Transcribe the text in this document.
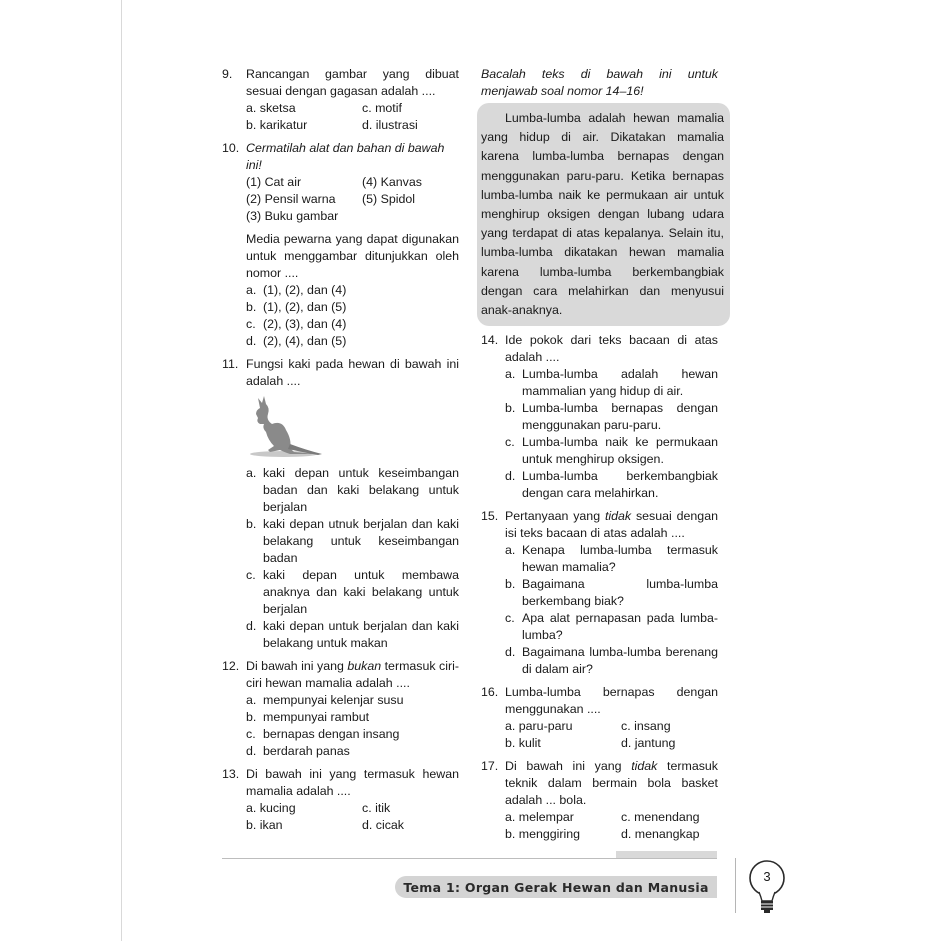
9. Rancangan gambar yang dibuat sesuai dengan gagasan adalah ....
a. sketsa	c. motif
b. karikatur	d. ilustrasi
10. Cermatilah alat dan bahan di bawah ini!
(1) Cat air	(4) Kanvas
(2) Pensil warna	(5) Spidol
(3) Buku gambar
Media pewarna yang dapat digunakan untuk menggambar ditunjukkan oleh nomor ....
a. (1), (2), dan (4)
b. (1), (2), dan (5)
c. (2), (3), dan (4)
d. (2), (4), dan (5)
11. Fungsi kaki pada hewan di bawah ini adalah ....
a. kaki depan untuk keseimbangan badan dan kaki belakang untuk berjalan
b. kaki depan utnuk berjalan dan kaki belakang untuk keseimbangan badan
c. kaki depan untuk membawa anaknya dan kaki belakang untuk berjalan
d. kaki depan untuk berjalan dan kaki belakang untuk makan
12. Di bawah ini yang bukan termasuk ciri-ciri hewan mamalia adalah ....
a. mempunyai kelenjar susu
b. mempunyai rambut
c. bernapas dengan insang
d. berdarah panas
13. Di bawah ini yang termasuk hewan mamalia adalah ....
a. kucing	c. itik
b. ikan	d. cicak
Bacalah teks di bawah ini untuk
menjawab soal nomor 14–16!

Lumba-lumba adalah hewan mamalia yang hidup di air. Dikatakan mamalia karena lumba-lumba bernapas dengan menggunakan paru-paru. Ketika bernapas lumba-lumba naik ke permukaan air untuk menghirup oksigen dengan lubang udara yang terdapat di atas kepalanya. Selain itu, lumba-lumba dikatakan hewan mamalia karena lumba-lumba berkembangbiak dengan cara melahirkan dan menyusui anak-anaknya.

14. Ide pokok dari teks bacaan di atas adalah ....
a. Lumba-lumba adalah hewan mammalian yang hidup di air.
b. Lumba-lumba bernapas dengan menggunakan paru-paru.
c. Lumba-lumba naik ke permukaan untuk menghirup oksigen.
d. Lumba-lumba berkembangbiak dengan cara melahirkan.
15. Pertanyaan yang tidak sesuai dengan isi teks bacaan di atas adalah ....
a. Kenapa lumba-lumba termasuk hewan mamalia?
b. Bagaimana lumba-lumba berkembang biak?
c. Apa alat pernapasan pada lumba-lumba?
d. Bagaimana lumba-lumba berenang di dalam air?
16. Lumba-lumba bernapas dengan menggunakan ....
a. paru-paru	c. insang
b. kulit	d. jantung
17. Di bawah ini yang tidak termasuk teknik dalam bermain bola basket adalah ... bola.
a. melempar	c. menendang
b. menggiring	d. menangkap
Tema 1: Organ Gerak Hewan dan Manusia
3
